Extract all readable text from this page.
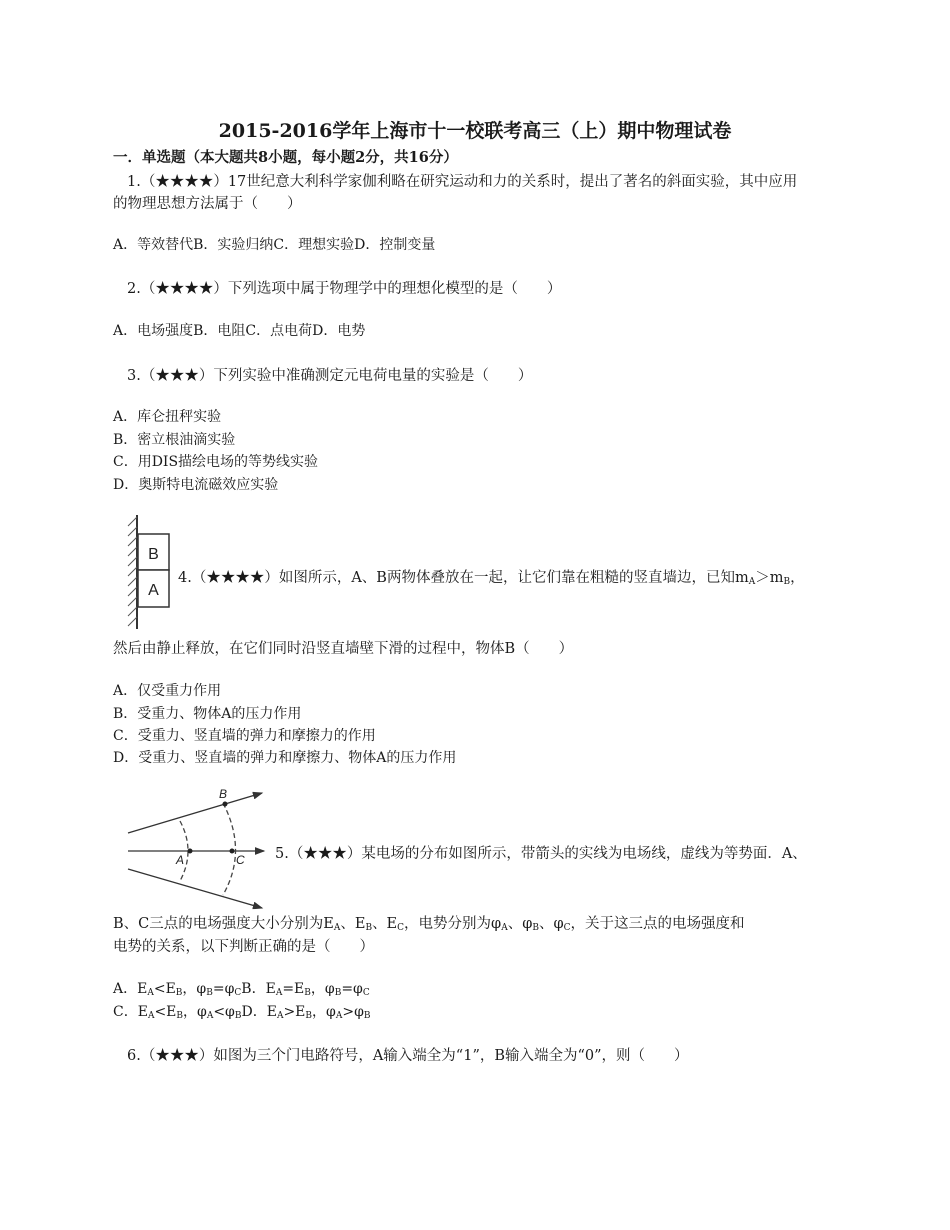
2015-2016学年上海市十一校联考高三（上）期中物理试卷
一．单选题（本大题共8小题，每小题2分，共16分）
1.（★★★★）17世纪意大利科学家伽利略在研究运动和力的关系时，提出了著名的斜面实验，其中应用
的物理思想方法属于（　　）
A．等效替代B．实验归纳C．理想实验D．控制变量
2.（★★★★）下列选项中属于物理学中的理想化模型的是（　　）
A．电场强度B．电阻C．点电荷D．电势
3.（★★★）下列实验中准确测定元电荷电量的实验是（　　）
A．库仑扭秤实验
B．密立根油滴实验
C．用DIS描绘电场的等势线实验
D．奥斯特电流磁效应实验
B
A
4.（★★★★）如图所示，A、B两物体叠放在一起，让它们靠在粗糙的竖直墙边，已知$m_A>m_B$，
然后由静止释放，在它们同时沿竖直墙壁下滑的过程中，物体B（　　）
A．仅受重力作用
B．受重力、物体A的压力作用
C．受重力、竖直墙的弹力和摩擦力的作用
D．受重力、竖直墙的弹力和摩擦力、物体A的压力作用
B
A	C 5.（★★★）某电场的分布如图所示，带箭头的实线为电场线，虚线为等势面．A、
B、C三点的电场强度大小分别为$E_A$、$E_B$、$E_C$，电势分别为$\varphi_A$、$\varphi_B$、$\varphi_C$，关于这三点的电场强度和
电势的关系，以下判断正确的是（　　）
A．$E_A<E_B$，$\varphi_B=\varphi_CB$．$E_A=E_B$，$\varphi_B=\varphi_C$
C．$E_A<E_B$，$\varphi_A<\varphi_BD$．$E_A>E_B$，$\varphi_A>\varphi_B$
6.（★★★）如图为三个门电路符号，A输入端全为“1”，B输入端全为“0”，则（　　）
